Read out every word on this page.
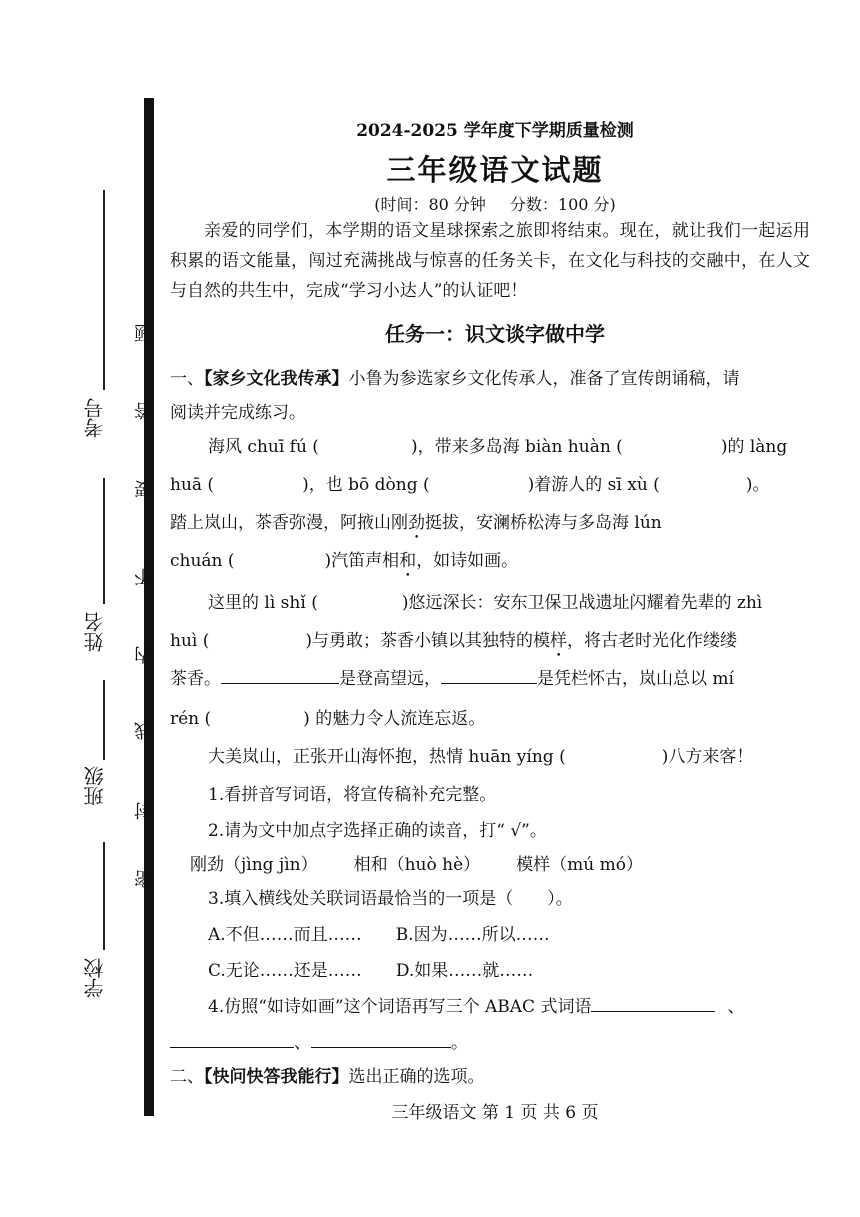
考号
姓名
班级
学校
题
答
要
不
内
线
封
密
2024-2025 学年度下学期质量检测
三年级语文试题
(时间：80 分钟 分数：100 分)
亲爱的同学们，本学期的语文星球探索之旅即将结束。现在，就让我们一起运用积累的语文能量，闯过充满挑战与惊喜的任务关卡，在文化与科技的交融中，在人文与自然的共生中，完成“学习小达人”的认证吧！
任务一：识文谈字做中学
一、【家乡文化我传承】小鲁为参选家乡文化传承人，准备了宣传朗诵稿，请
阅读并完成练习。
海风 chuī fú (	)，带来多岛海 biàn huàn (	)的 làng
huā (	)，也 bō dòng (	)着游人的 sī xù (	)。
踏上岚山，茶香弥漫，阿掖山刚劲挺拔，安澜桥松涛与多岛海 lún
chuán (	)汽笛声相和，如诗如画。
这里的 lì shǐ (	)悠远深长：安东卫保卫战遗址闪耀着先辈的 zhì
huì (	)与勇敢；茶香小镇以其独特的模样，将古老时光化作缕缕
茶香。	是登高望远，	是凭栏怀古，岚山总以 mí
rén (	) 的魅力令人流连忘返。
大美岚山，正张开山海怀抱，热情 huān yíng (	)八方来客！
1.看拼音写词语，将宣传稿补充完整。
2.请为文中加点字选择正确的读音，打“ √”。
刚劲（jìng jìn） 相和（huò hè） 模样（mú mó）
3.填入横线处关联词语最恰当的一项是（　　）。
A.不但……而且…… B.因为……所以……
C.无论……还是…… D.如果……就……
4.仿照“如诗如画”这个词语再写三个 ABAC 式词语	、
、	。
二、【快问快答我能行】选出正确的选项。
三年级语文 第 1 页 共 6 页
